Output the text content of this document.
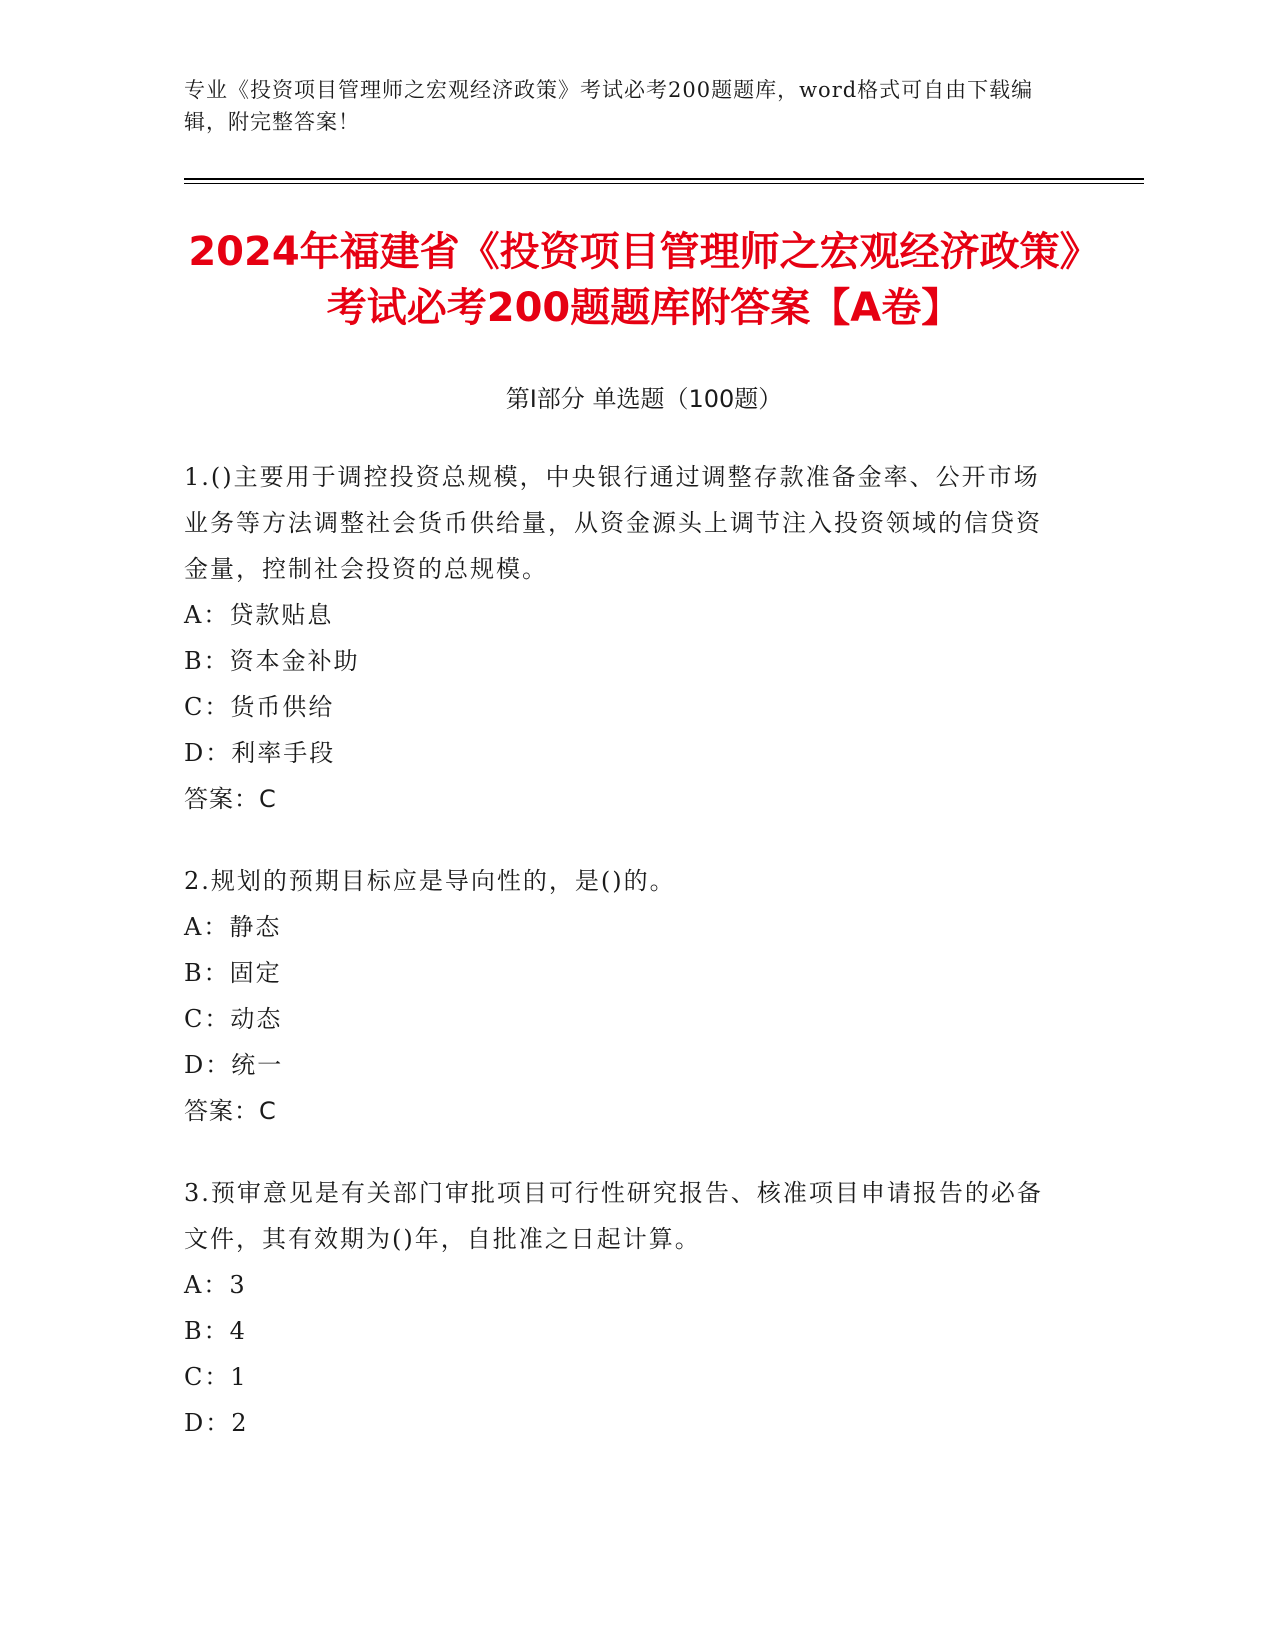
专业《投资项目管理师之宏观经济政策》考试必考200题题库，word格式可自由下载编辑，附完整答案！
2024年福建省《投资项目管理师之宏观经济政策》考试必考200题题库附答案【A卷】
第I部分 单选题（100题）
1.()主要用于调控投资总规模，中央银行通过调整存款准备金率、公开市场业务等方法调整社会货币供给量，从资金源头上调节注入投资领域的信贷资金量，控制社会投资的总规模。
A：贷款贴息
B：资本金补助
C：货币供给
D：利率手段
答案：C
2.规划的预期目标应是导向性的，是()的。
A：静态
B：固定
C：动态
D：统一
答案：C
3.预审意见是有关部门审批项目可行性研究报告、核准项目申请报告的必备文件，其有效期为()年，自批准之日起计算。
A：3
B：4
C：1
D：2
